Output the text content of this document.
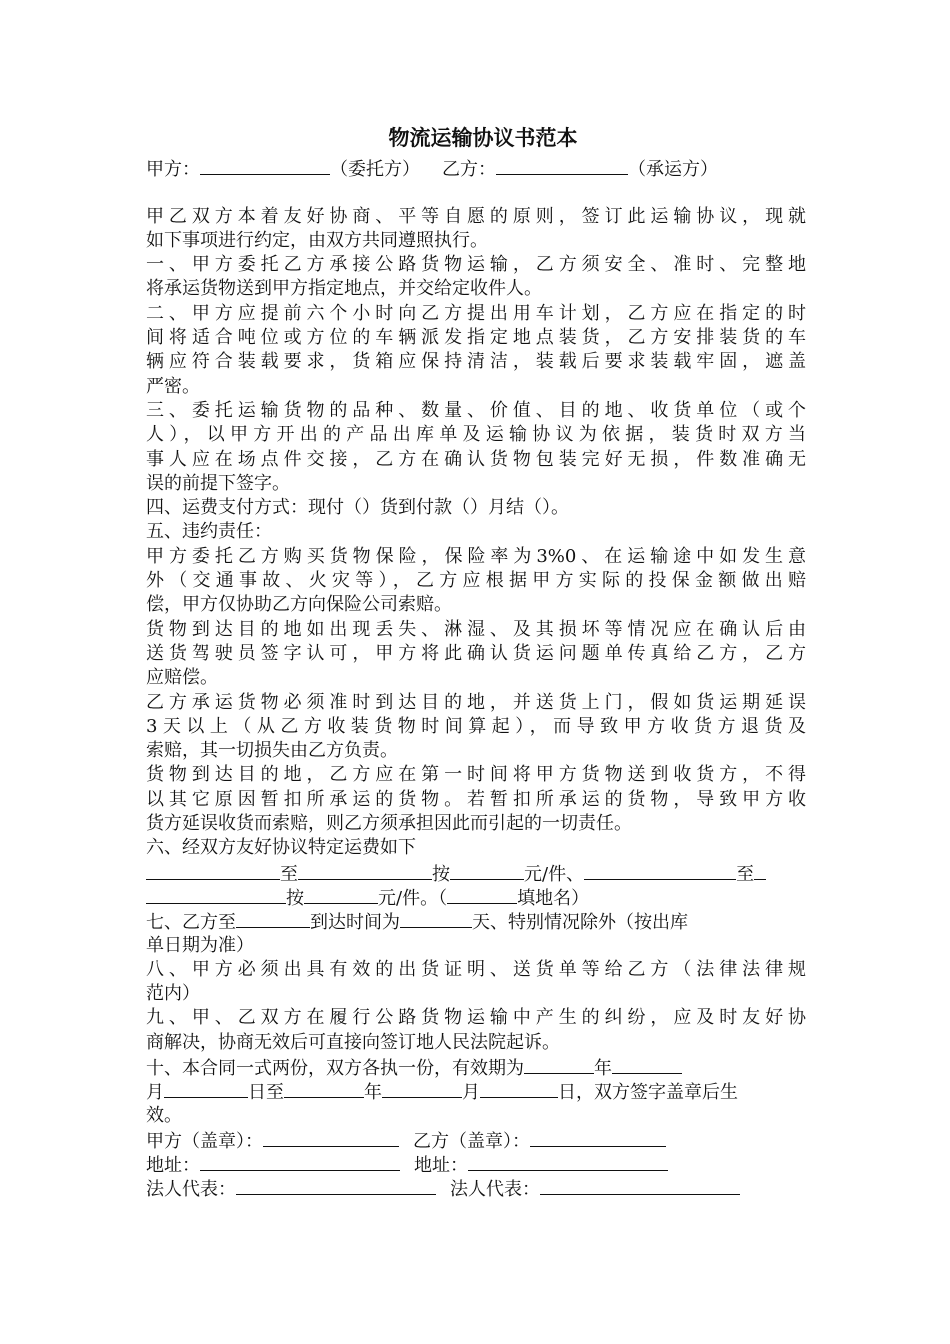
物流运输协议书范本
甲方：	（委托方） 乙方：	（承运方）
甲乙双方本着友好协商、平等自愿的原则，签订此运输协议，现就
如下事项进行约定，由双方共同遵照执行。
一、甲方委托乙方承接公路货物运输，乙方须安全、准时、完整地
将承运货物送到甲方指定地点，并交给定收件人。
二、甲方应提前六个小时向乙方提出用车计划，乙方应在指定的时
间将适合吨位或方位的车辆派发指定地点装货，乙方安排装货的车
辆应符合装载要求，货箱应保持清洁，装载后要求装载牢固，遮盖
严密。
三、委托运输货物的品种、数量、价值、目的地、收货单位（或个
人），以甲方开出的产品出库单及运输协议为依据，装货时双方当
事人应在场点件交接，乙方在确认货物包装完好无损，件数准确无
误的前提下签字。
四、运费支付方式：现付（）货到付款（）月结（）。
五、违约责任：
甲方委托乙方购买货物保险，保险率为3%0、在运输途中如发生意
外（交通事故、火灾等），乙方应根据甲方实际的投保金额做出赔
偿，甲方仅协助乙方向保险公司索赔。
货物到达目的地如出现丢失、淋湿、及其损坏等情况应在确认后由
送货驾驶员签字认可，甲方将此确认货运问题单传真给乙方，乙方
应赔偿。
乙方承运货物必须准时到达目的地，并送货上门，假如货运期延误
3天以上（从乙方收装货物时间算起），而导致甲方收货方退货及
索赔，其一切损失由乙方负责。
货物到达目的地，乙方应在第一时间将甲方货物送到收货方，不得
以其它原因暂扣所承运的货物。若暂扣所承运的货物，导致甲方收
货方延误收货而索赔，则乙方须承担因此而引起的一切责任。
六、经双方友好协议特定运费如下
至	按	元/件、	至
按	元/件。（	填地名）
七、乙方至	到达时间为	天、特别情况除外（按出库
单日期为准）
八、甲方必须出具有效的出货证明、送货单等给乙方（法律法律规
范内）
九、甲、乙双方在履行公路货物运输中产生的纠纷，应及时友好协
商解决，协商无效后可直接向签订地人民法院起诉。
十、本合同一式两份，双方各执一份，有效期为	年
月	日至	年	月	日，双方签字盖章后生
效。
甲方（盖章）：	乙方（盖章）：
地址：	地址：
法人代表：	法人代表：
